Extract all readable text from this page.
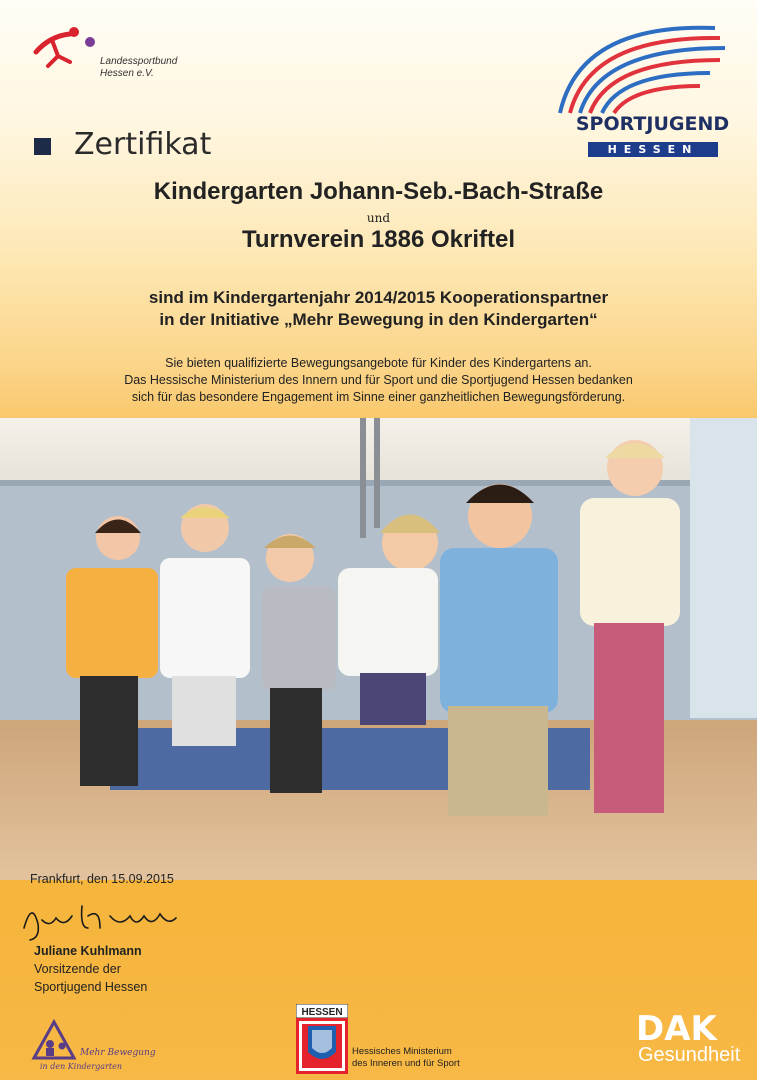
Landessportbund
Hessen e.V.
SPORTJUGEND
HESSEN
Zertifikat
Kindergarten Johann-Seb.-Bach-Straße
und
Turnverein 1886 Okriftel
sind im Kindergartenjahr 2014/2015 Kooperationspartner
in der Initiative „Mehr Bewegung in den Kindergarten“
Sie bieten qualifizierte Bewegungsangebote für Kinder des Kindergartens an.
Das Hessische Ministerium des Innern und für Sport und die Sportjugend Hessen bedanken
sich für das besondere Engagement im Sinne einer ganzheitlichen Bewegungsförderung.
Frankfurt, den 15.09.2015
Juliane Kuhlmann
Vorsitzende der
Sportjugend Hessen
Mehr Bewegung
in den Kindergarten
HESSEN
Hessisches Ministerium
des Inneren und für Sport
DAK
Gesundheit
